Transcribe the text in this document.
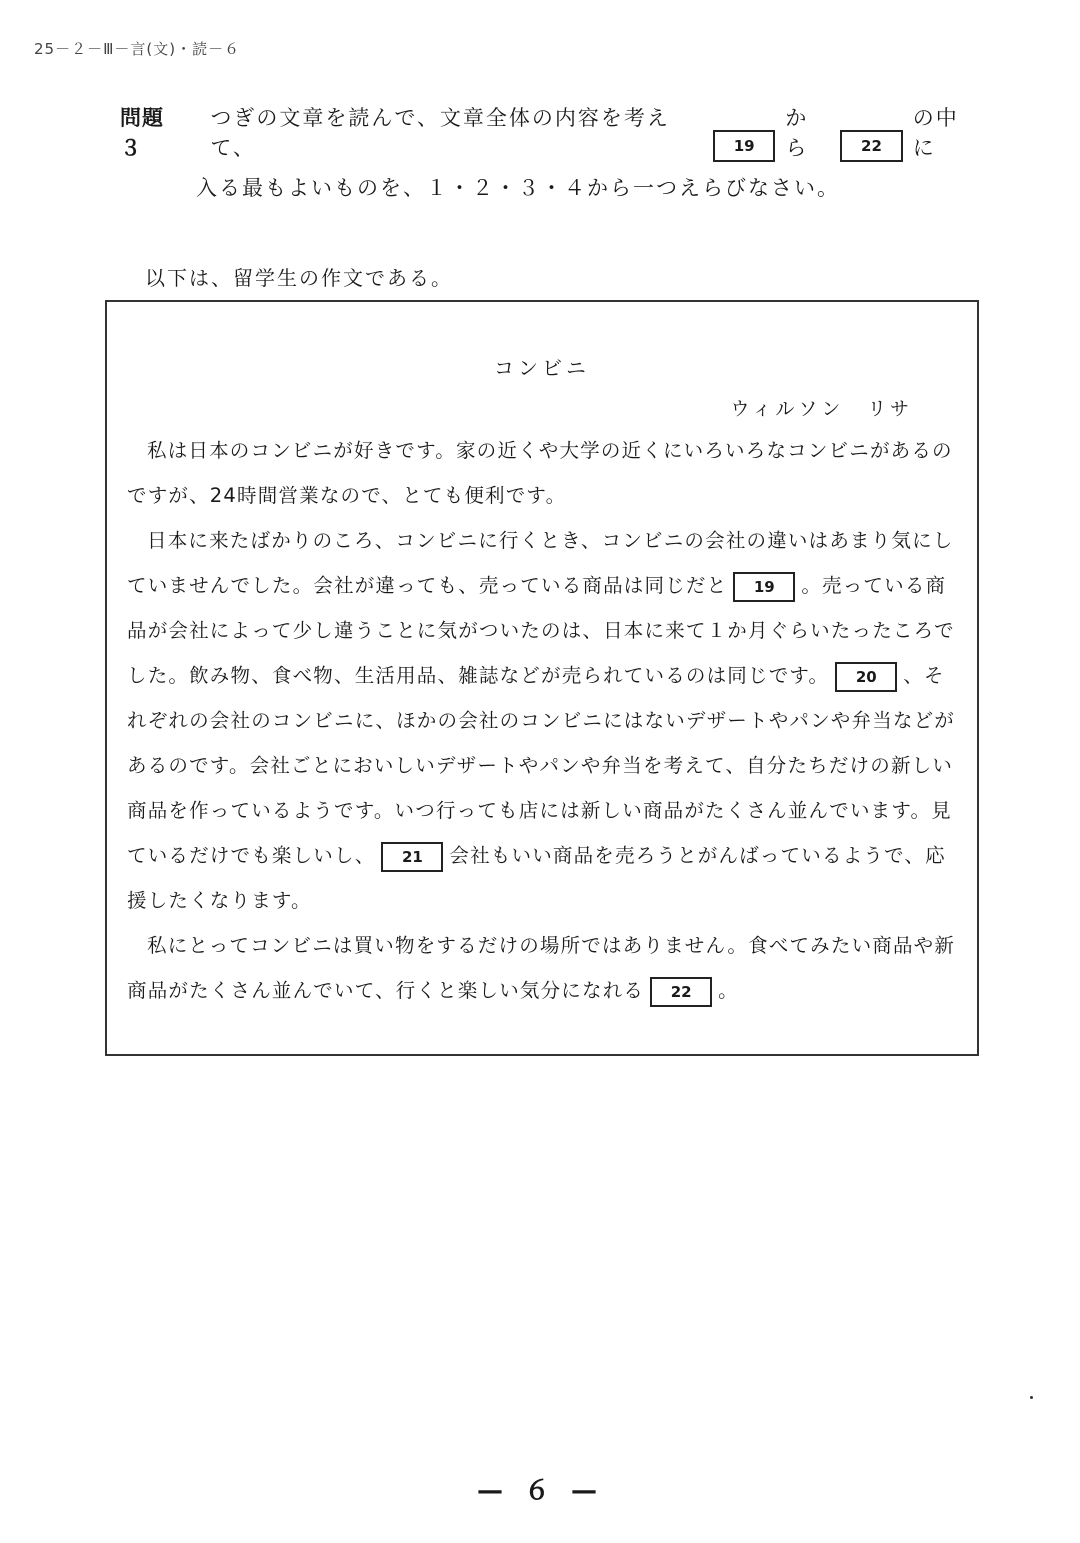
25－２－Ⅲ－言(文)・読－６
問題３
つぎの文章を読んで、文章全体の内容を考えて、	19
から	22
の中に
入る最もよいものを、１・２・３・４から一つえらびなさい。
以下は、留学生の作文である。
コンビニ
ウィルソン　リサ
私は日本のコンビニが好きです。家の近くや大学の近くにいろいろなコンビニがあるの
ですが、24時間営業なので、とても便利です。
日本に来たばかりのころ、コンビニに行くとき、コンビニの会社の違いはあまり気にし
ていませんでした。会社が違っても、売っている商品は同じだと 19 。売っている商
品が会社によって少し違うことに気がついたのは、日本に来て１か月ぐらいたったころで
した。飲み物、食べ物、生活用品、雑誌などが売られているのは同じです。 20 、そ
れぞれの会社のコンビニに、ほかの会社のコンビニにはないデザートやパンや弁当などが
あるのです。会社ごとにおいしいデザートやパンや弁当を考えて、自分たちだけの新しい
商品を作っているようです。いつ行っても店には新しい商品がたくさん並んでいます。見
ているだけでも楽しいし、 21 会社もいい商品を売ろうとがんばっているようで、応
援したくなります。
私にとってコンビニは買い物をするだけの場所ではありません。食べてみたい商品や新
商品がたくさん並んでいて、行くと楽しい気分になれる 22 。
— ６ —
